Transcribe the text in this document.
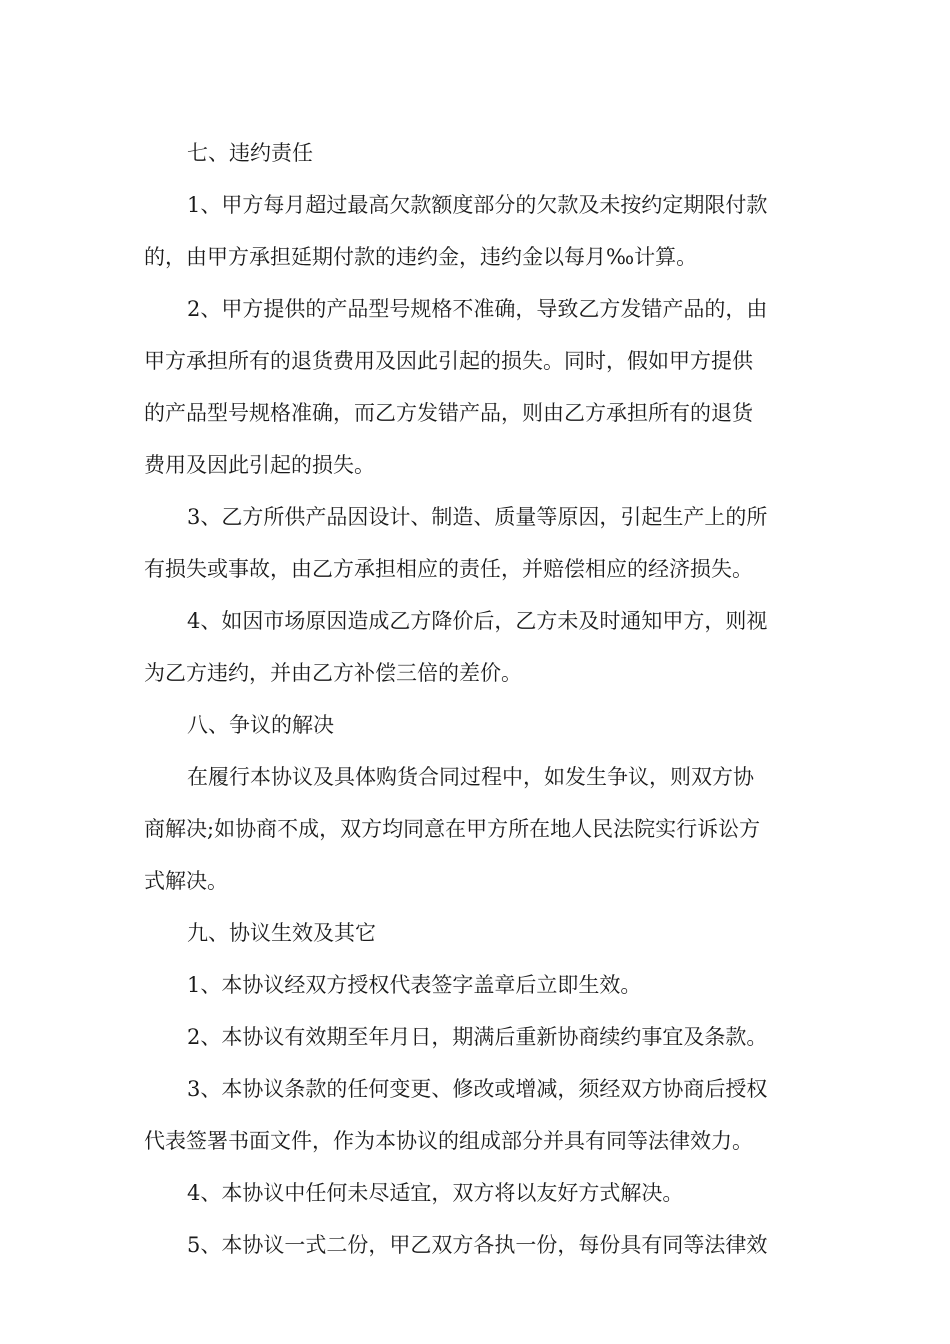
七、违约责任
1、甲方每月超过最高欠款额度部分的欠款及未按约定期限付款
的，由甲方承担延期付款的违约金，违约金以每月‰计算。
2、甲方提供的产品型号规格不准确，导致乙方发错产品的，由
甲方承担所有的退货费用及因此引起的损失。同时，假如甲方提供
的产品型号规格准确，而乙方发错产品，则由乙方承担所有的退货
费用及因此引起的损失。
3、乙方所供产品因设计、制造、质量等原因，引起生产上的所
有损失或事故，由乙方承担相应的责任，并赔偿相应的经济损失。
4、如因市场原因造成乙方降价后，乙方未及时通知甲方，则视
为乙方违约，并由乙方补偿三倍的差价。
八、争议的解决
在履行本协议及具体购货合同过程中，如发生争议，则双方协
商解决;如协商不成，双方均同意在甲方所在地人民法院实行诉讼方
式解决。
九、协议生效及其它
1、本协议经双方授权代表签字盖章后立即生效。
2、本协议有效期至年月日，期满后重新协商续约事宜及条款。
3、本协议条款的任何变更、修改或增减，须经双方协商后授权
代表签署书面文件，作为本协议的组成部分并具有同等法律效力。
4、本协议中任何未尽适宜，双方将以友好方式解决。
5、本协议一式二份，甲乙双方各执一份，每份具有同等法律效
